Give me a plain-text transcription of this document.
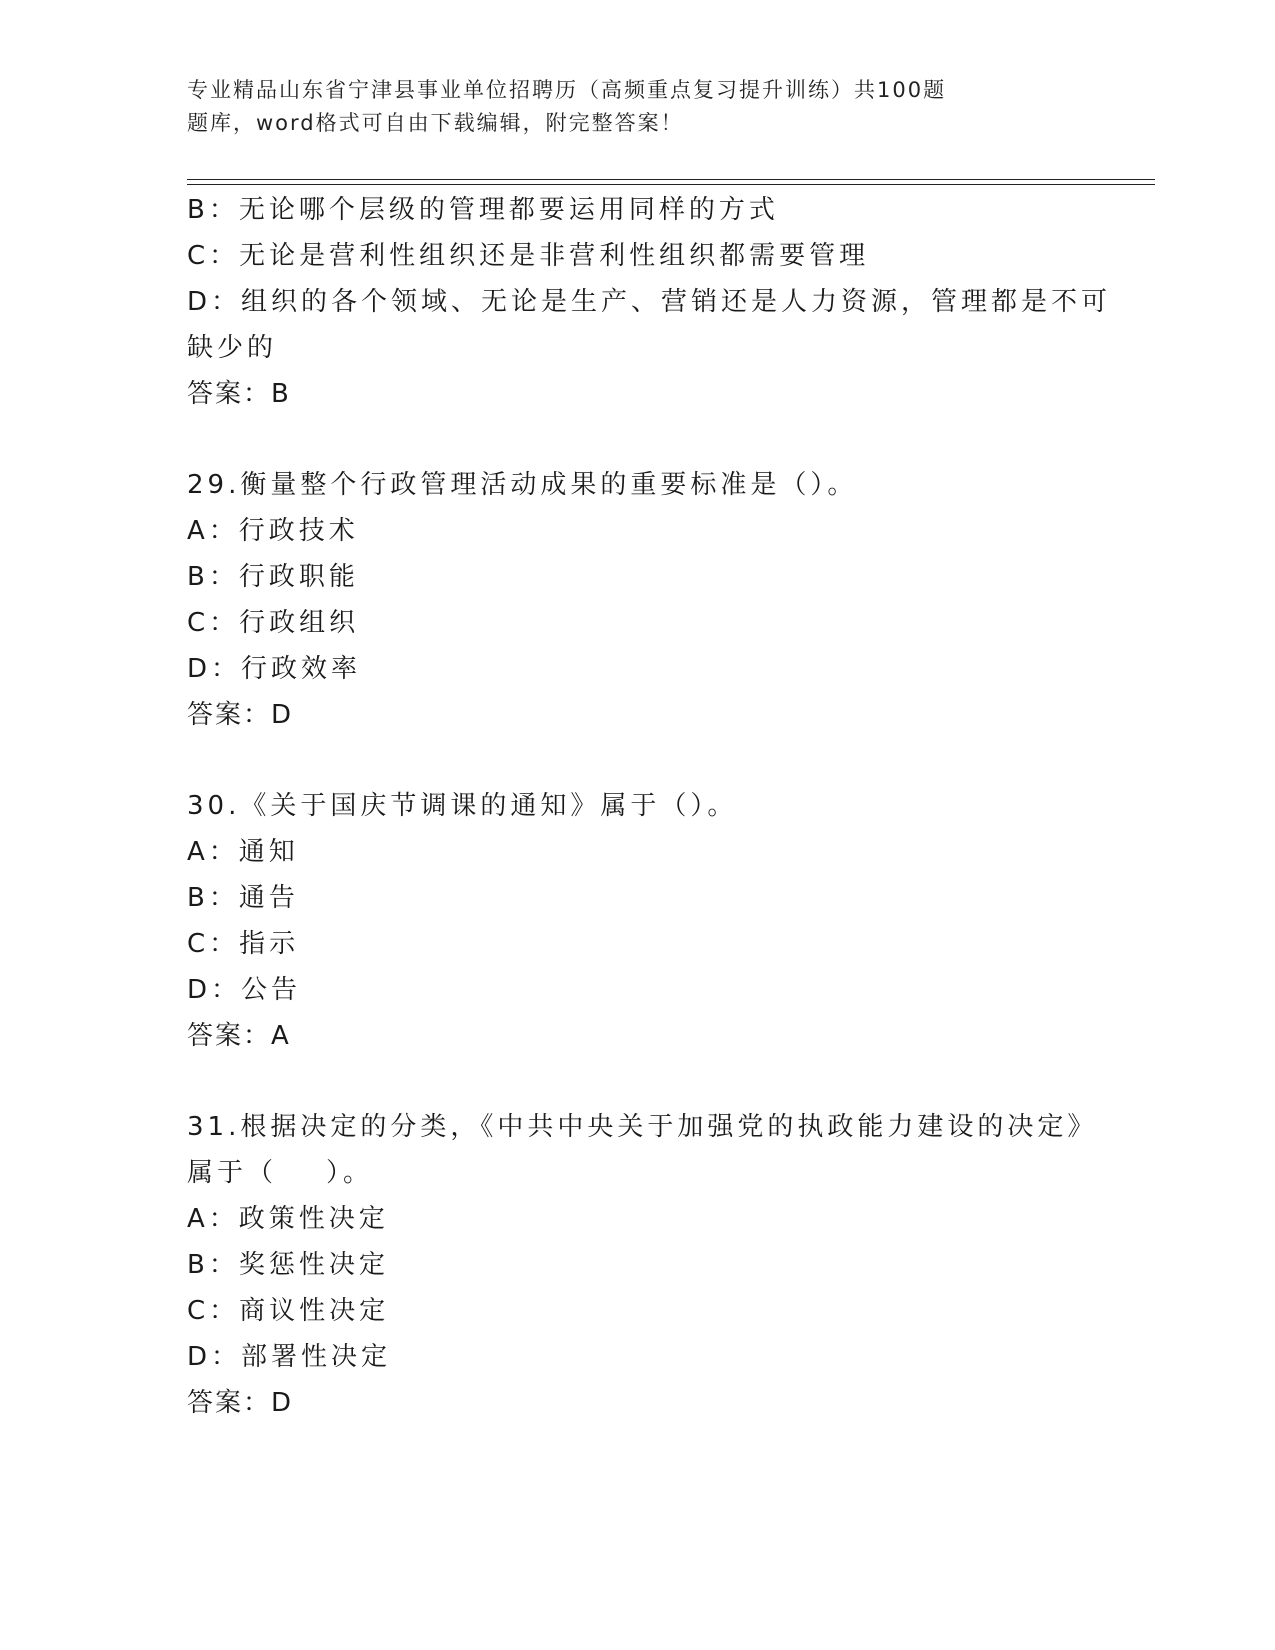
专业精品山东省宁津县事业单位招聘历（高频重点复习提升训练）共100题
题库，word格式可自由下载编辑，附完整答案！
B：无论哪个层级的管理都要运用同样的方式
C：无论是营利性组织还是非营利性组织都需要管理
D：组织的各个领域、无论是生产、营销还是人力资源，管理都是不可
缺少的
答案：B
29.衡量整个行政管理活动成果的重要标准是（）。
A：行政技术
B：行政职能
C：行政组织
D：行政效率
答案：D
30.《关于国庆节调课的通知》属于（）。
A：通知
B：通告
C：指示
D：公告
答案：A
31.根据决定的分类，《中共中央关于加强党的执政能力建设的决定》
属于（    ）。
A：政策性决定
B：奖惩性决定
C：商议性决定
D：部署性决定
答案：D
